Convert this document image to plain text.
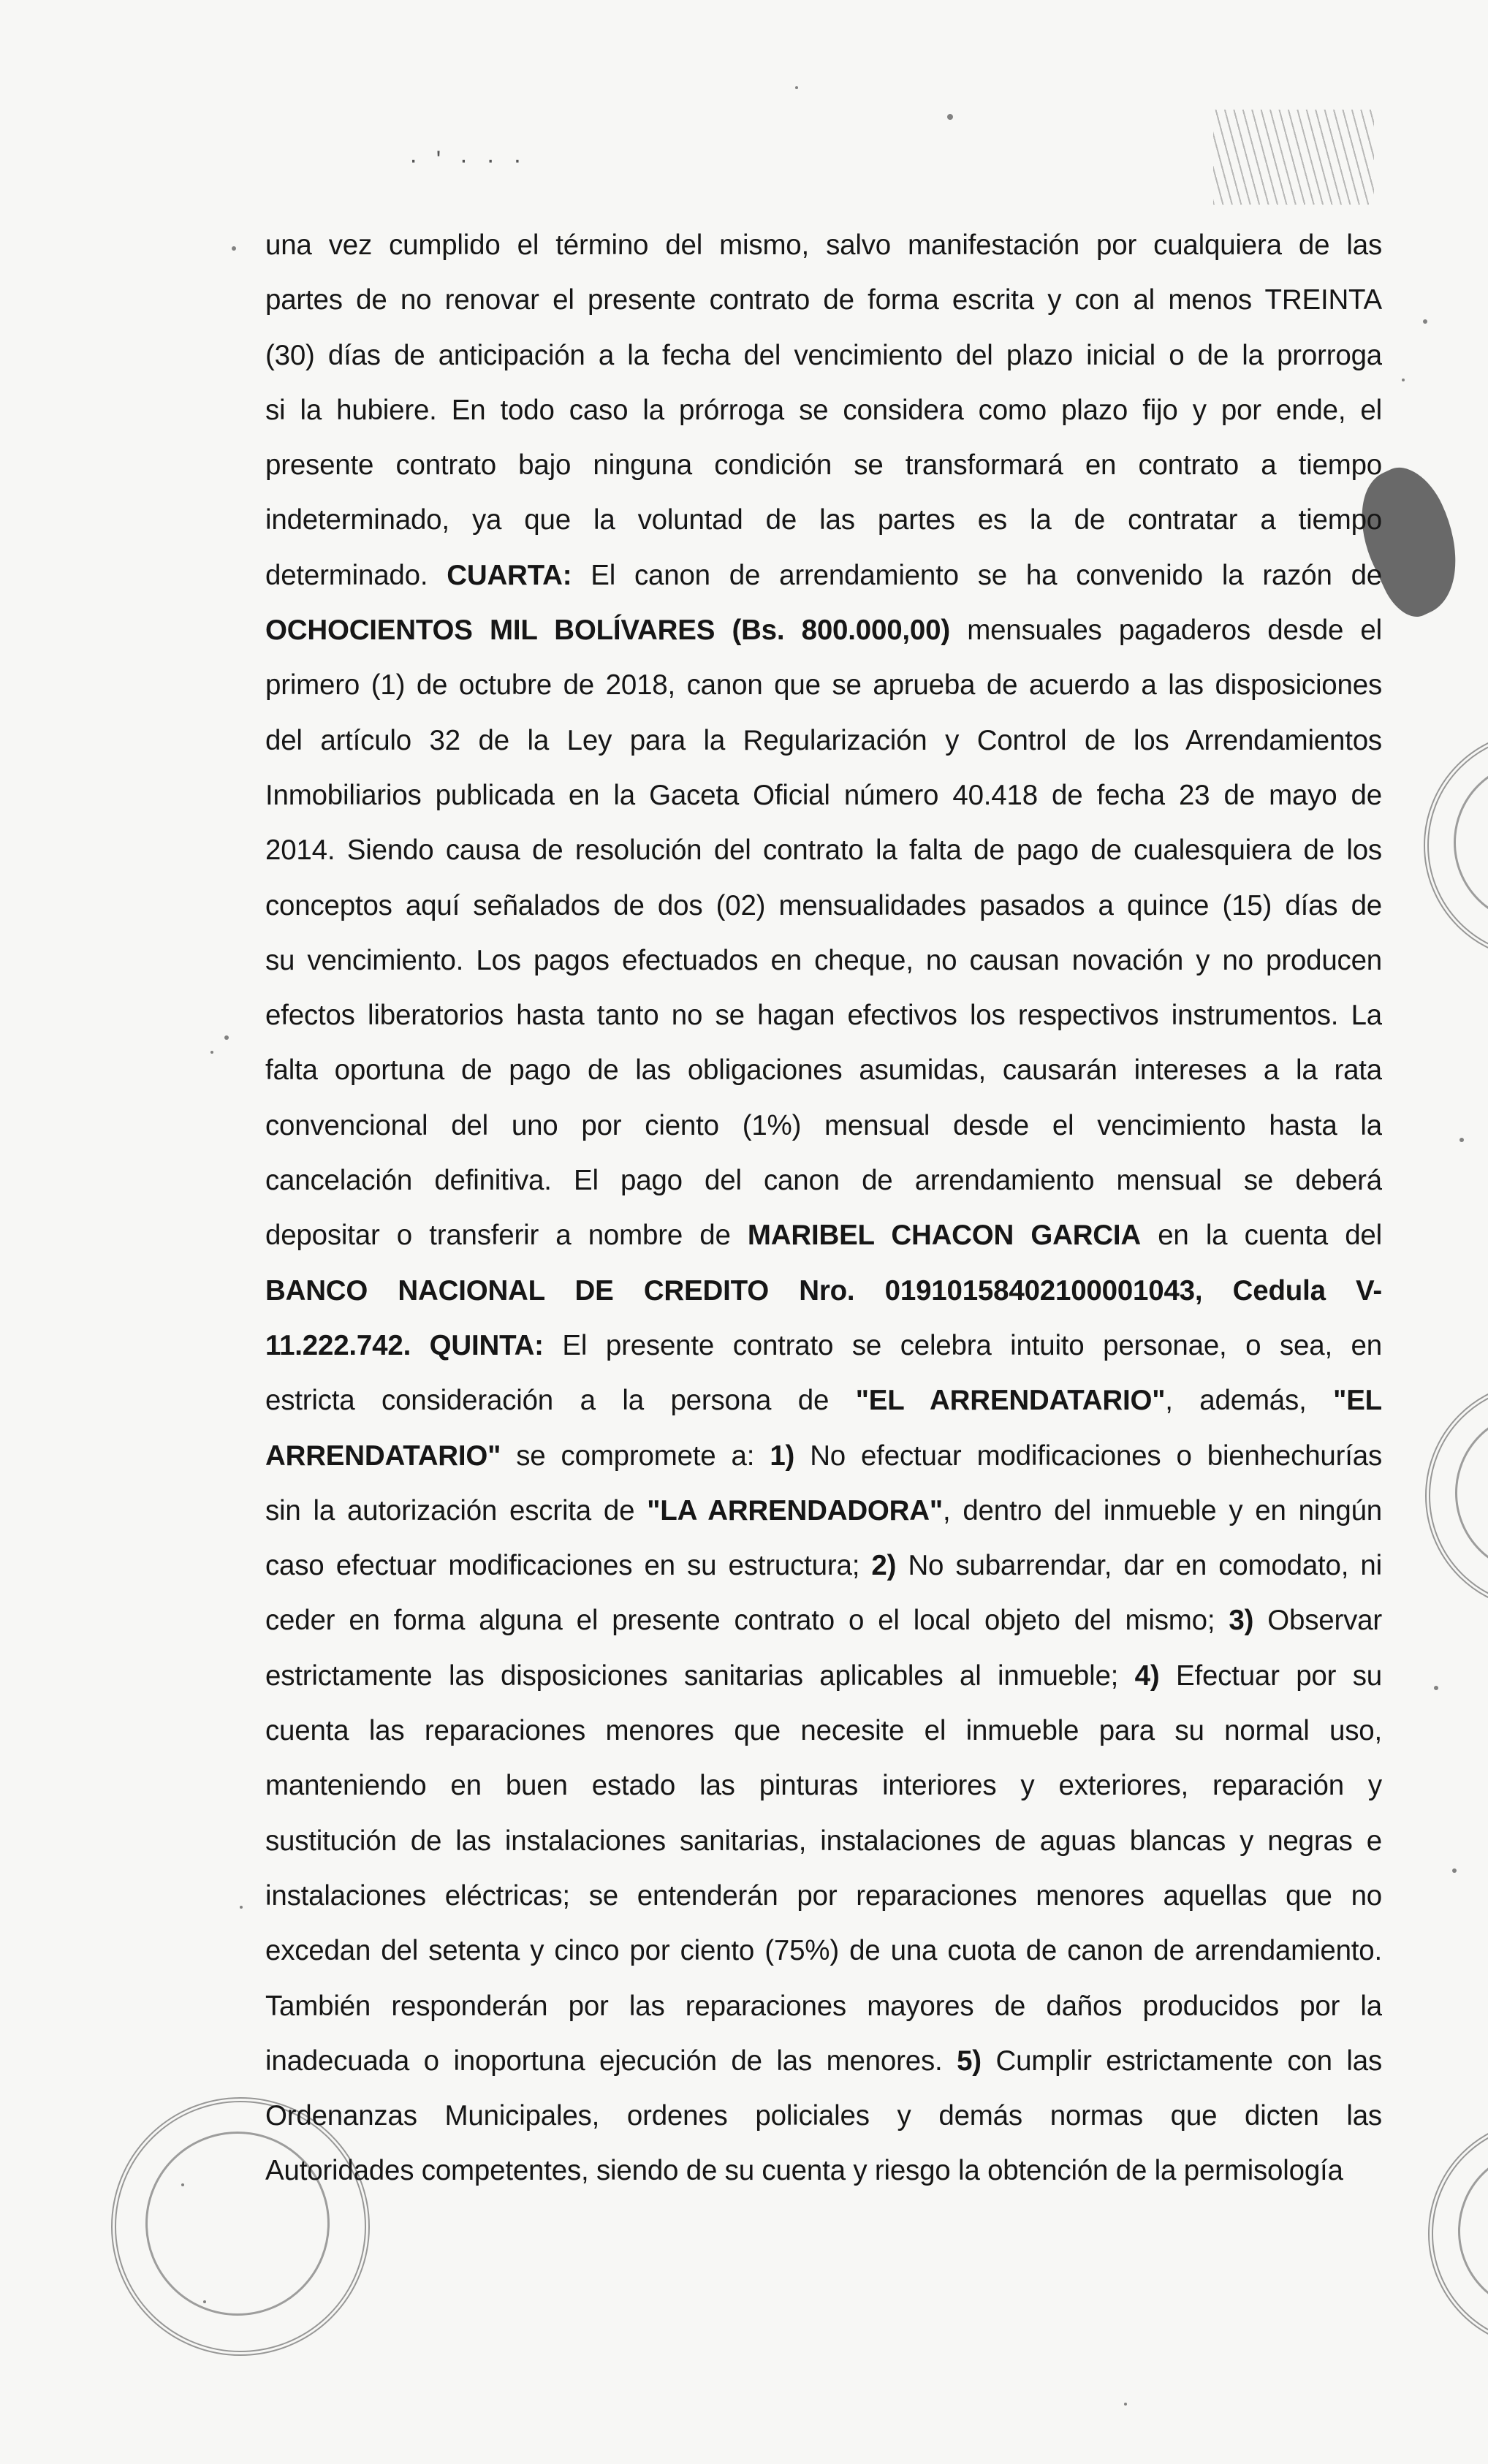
· ' · · ·
una vez cumplido el término del mismo, salvo manifestación por cualquiera de las
partes de no renovar el presente contrato de forma escrita y con al menos TREINTA
(30) días de anticipación a la fecha del vencimiento del plazo inicial o de la prorroga
si la hubiere. En todo caso la prórroga se considera como plazo fijo y por ende, el
presente contrato bajo ninguna condición se transformará en contrato a tiempo
indeterminado, ya que la voluntad de las partes es la de contratar a tiempo
determinado. CUARTA: El canon de arrendamiento se ha convenido la razón de
OCHOCIENTOS MIL BOLÍVARES (Bs. 800.000,00) mensuales pagaderos desde el
primero (1) de octubre de 2018, canon que se aprueba de acuerdo a las disposiciones
del artículo 32 de la Ley para la Regularización y Control de los Arrendamientos
Inmobiliarios publicada en la Gaceta Oficial número 40.418 de fecha 23 de mayo de
2014. Siendo causa de resolución del contrato la falta de pago de cualesquiera de los
conceptos aquí señalados de dos (02) mensualidades pasados a quince (15) días de
su vencimiento. Los pagos efectuados en cheque, no causan novación y no producen
efectos liberatorios hasta tanto no se hagan efectivos los respectivos instrumentos. La
falta oportuna de pago de las obligaciones asumidas, causarán intereses a la rata
convencional del uno por ciento (1%) mensual desde el vencimiento hasta la
cancelación definitiva. El pago del canon de arrendamiento mensual se deberá
depositar o transferir a nombre de MARIBEL CHACON GARCIA en la cuenta del
BANCO NACIONAL DE CREDITO Nro. 01910158402100001043, Cedula V-
11.222.742. QUINTA: El presente contrato se celebra intuito personae, o sea, en
estricta consideración a la persona de "EL ARRENDATARIO", además, "EL
ARRENDATARIO" se compromete a: 1) No efectuar modificaciones o bienhechurías
sin la autorización escrita de "LA ARRENDADORA", dentro del inmueble y en ningún
caso efectuar modificaciones en su estructura; 2) No subarrendar, dar en comodato, ni
ceder en forma alguna el presente contrato o el local objeto del mismo; 3) Observar
estrictamente las disposiciones sanitarias aplicables al inmueble; 4) Efectuar por su
cuenta las reparaciones menores que necesite el inmueble para su normal uso,
manteniendo en buen estado las pinturas interiores y exteriores, reparación y
sustitución de las instalaciones sanitarias, instalaciones de aguas blancas y negras e
instalaciones eléctricas; se entenderán por reparaciones menores aquellas que no
excedan del setenta y cinco por ciento (75%) de una cuota de canon de arrendamiento.
También responderán por las reparaciones mayores de daños producidos por la
inadecuada o inoportuna ejecución de las menores. 5) Cumplir estrictamente con las
Ordenanzas Municipales, ordenes policiales y demás normas que dicten las
Autoridades competentes, siendo de su cuenta y riesgo la obtención de la permisología
